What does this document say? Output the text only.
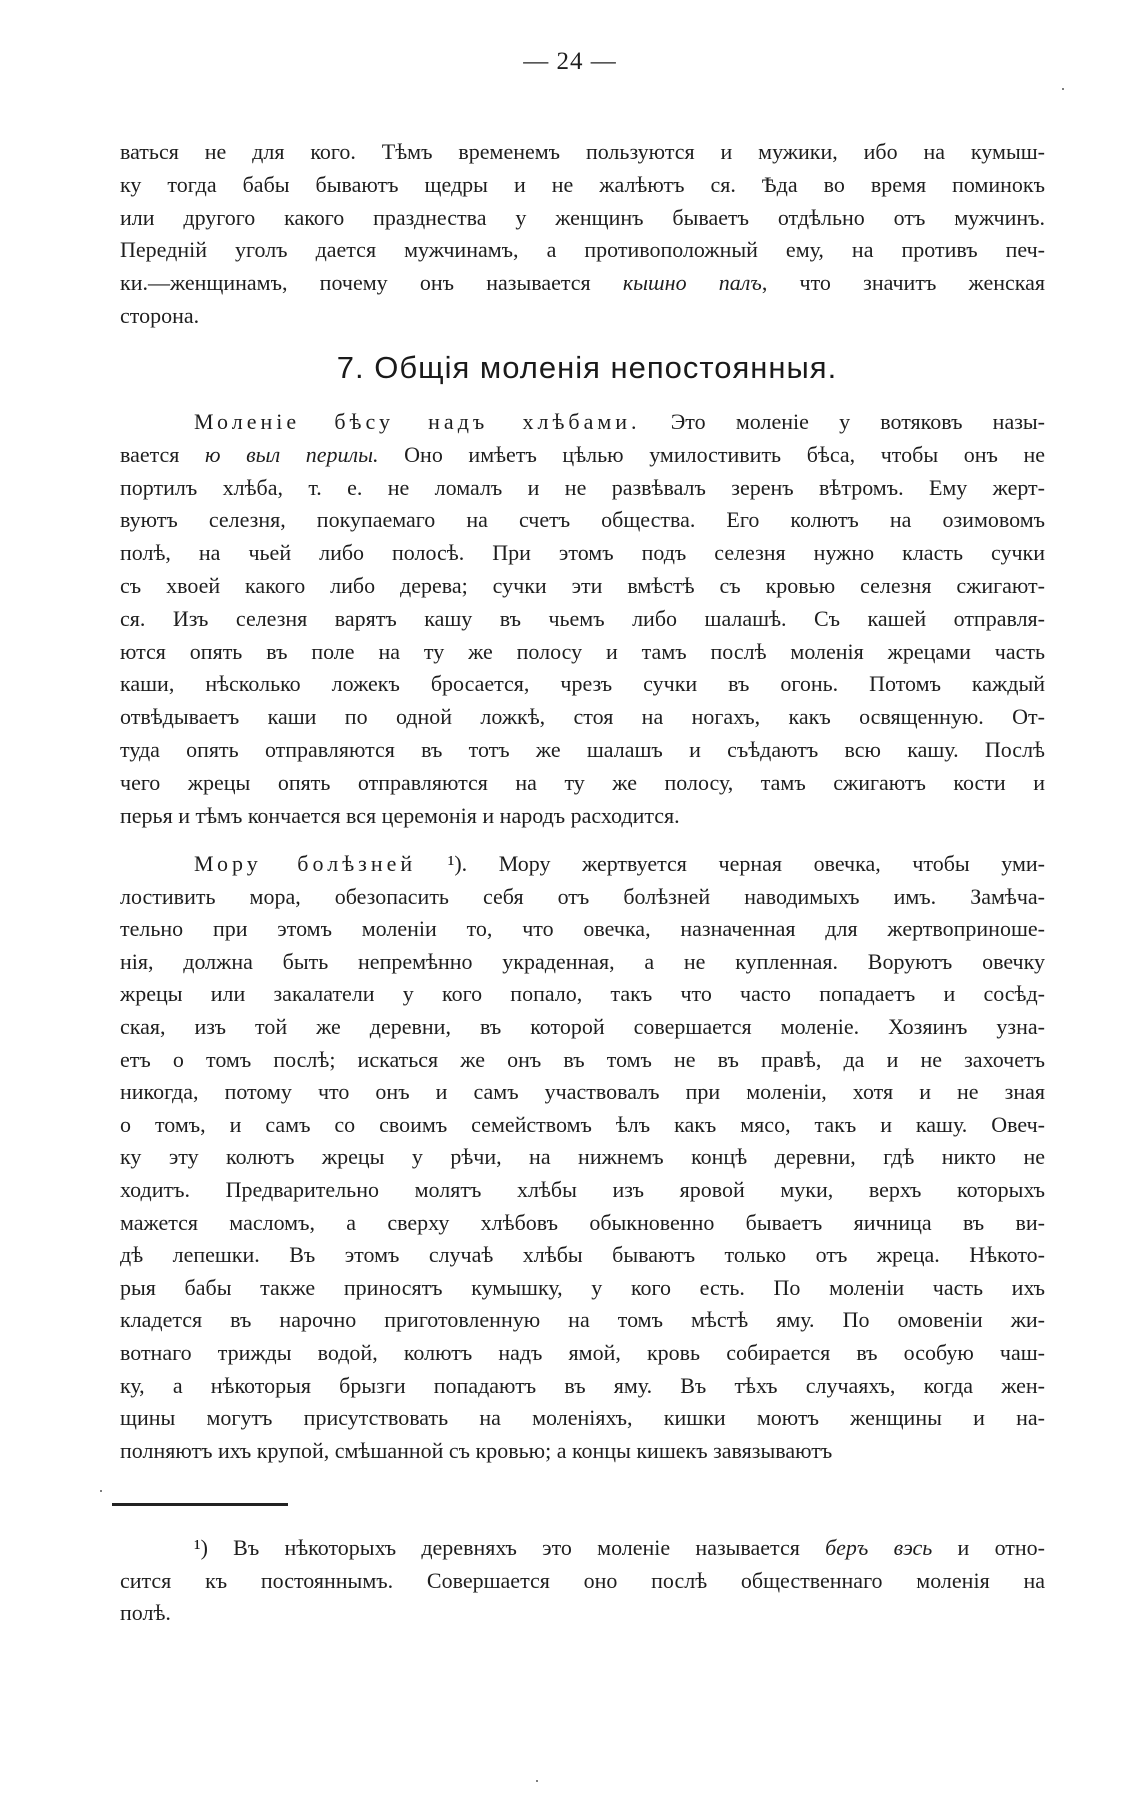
— 24 —
7. Общія моленія непостоянныя.
ваться не для кого. Тѣмъ временемъ пользуются и мужики, ибо на кумыш-
ку тогда бабы бываютъ щедры и не жалѣютъ ся. Ѣда во время поминокъ
или другого какого празднества у женщинъ бываетъ отдѣльно отъ мужчинъ.
Передній уголъ дается мужчинамъ, а противоположный ему, на противъ печ-
ки.—женщинамъ, почему онъ называется кышно палъ, что значитъ женская
сторона.
Моленіе бѣсу надъ хлѣбами. Это моленіе у вотяковъ назы-
вается ю выл перилы. Оно имѣетъ цѣлью умилостивить бѣса, чтобы онъ не
портилъ хлѣба, т. е. не ломалъ и не развѣвалъ зеренъ вѣтромъ. Ему жерт-
вуютъ селезня, покупаемаго на счетъ общества. Его колютъ на озимовомъ
полѣ, на чьей либо полосѣ. При этомъ подъ селезня нужно класть сучки
съ хвоей какого либо дерева; сучки эти вмѣстѣ съ кровью селезня сжигают-
ся. Изъ селезня варятъ кашу въ чьемъ либо шалашѣ. Съ кашей отправля-
ются опять въ поле на ту же полосу и тамъ послѣ моленія жрецами часть
каши, нѣсколько ложекъ бросается, чрезъ сучки въ огонь. Потомъ каждый
отвѣдываетъ каши по одной ложкѣ, стоя на ногахъ, какъ освященную. От-
туда опять отправляются въ тотъ же шалашъ и съѣдаютъ всю кашу. Послѣ
чего жрецы опять отправляются на ту же полосу, тамъ сжигаютъ кости и
перья и тѣмъ кончается вся церемонія и народъ расходится.
Мору болѣзней ¹). Мору жертвуется черная овечка, чтобы уми-
лостивить мора, обезопасить себя отъ болѣзней наводимыхъ имъ. Замѣча-
тельно при этомъ моленіи то, что овечка, назначенная для жертвоприноше-
нія, должна быть непремѣнно украденная, а не купленная. Воруютъ овечку
жрецы или закалатели у кого попало, такъ что часто попадаетъ и сосѣд-
ская, изъ той же деревни, въ которой совершается моленіе. Хозяинъ узна-
етъ о томъ послѣ; искаться же онъ въ томъ не въ правѣ, да и не захочетъ
никогда, потому что онъ и самъ участвовалъ при моленіи, хотя и не зная
о томъ, и самъ со своимъ семействомъ ѣлъ какъ мясо, такъ и кашу. Овеч-
ку эту колютъ жрецы у рѣчи, на нижнемъ концѣ деревни, гдѣ никто не
ходитъ. Предварительно молятъ хлѣбы изъ яровой муки, верхъ которыхъ
мажется масломъ, а сверху хлѣбовъ обыкновенно бываетъ яичница въ ви-
дѣ лепешки. Въ этомъ случаѣ хлѣбы бываютъ только отъ жреца. Нѣкото-
рыя бабы также приносятъ кумышку, у кого есть. По моленіи часть ихъ
кладется въ нарочно приготовленную на томъ мѣстѣ яму. По омовеніи жи-
вотнаго трижды водой, колютъ надъ ямой, кровь собирается въ особую чаш-
ку, а нѣкоторыя брызги попадаютъ въ яму. Въ тѣхъ случаяхъ, когда жен-
щины могутъ присутствовать на моленіяхъ, кишки моютъ женщины и на-
полняютъ ихъ крупой, смѣшанной съ кровью; а концы кишекъ завязываютъ
¹) Въ нѣкоторыхъ деревняхъ это моленіе называется беръ вэсь и отно-
сится къ постояннымъ. Совершается оно послѣ общественнаго моленія на
полѣ.
